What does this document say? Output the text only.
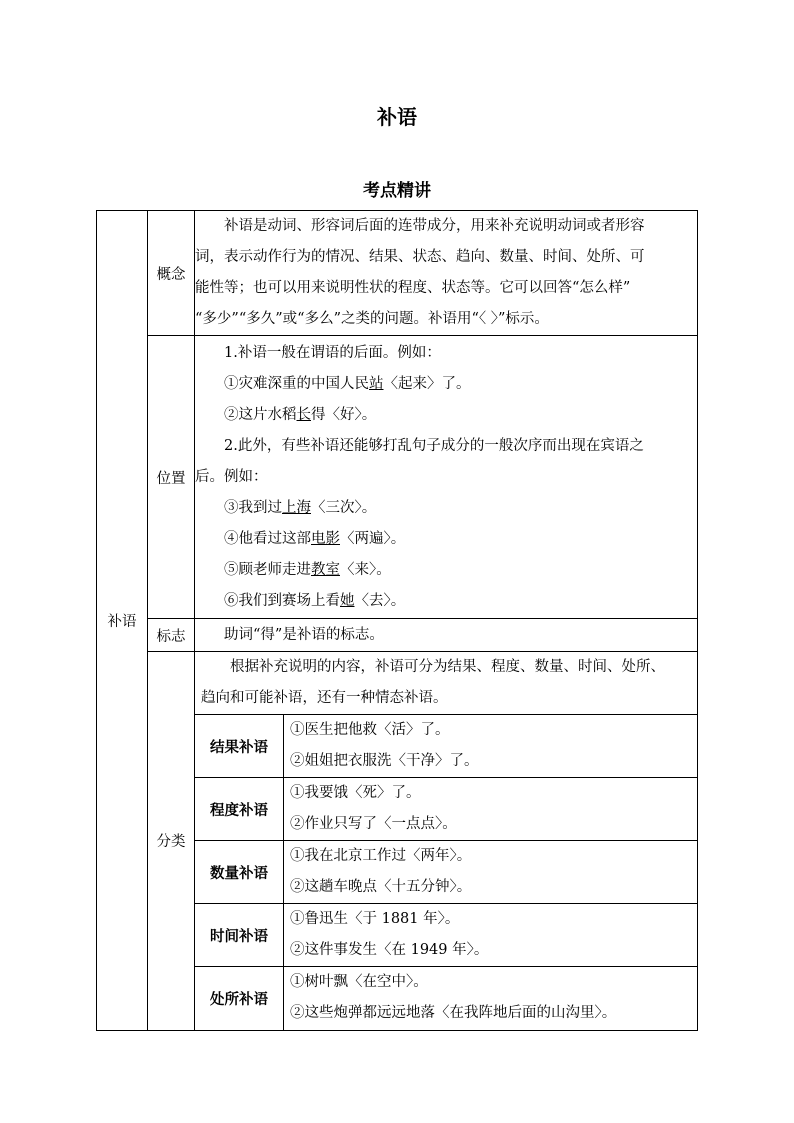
补语
考点精讲
补语	概念	
补语是动词、形容词后面的连带成分，用来补充说明动词或者形容
词，表示动作行为的情况、结果、状态、趋向、数量、时间、处所、可
能性等；也可以用来说明性状的程度、状态等。它可以回答“怎么样”
“多少”“多久”或“多么”之类的问题。补语用“〈 〉”标示。

位置	
1.补语一般在谓语的后面。例如：
①灾难深重的中国人民站〈起来〉了。
②这片水稻长得〈好〉。
2.此外，有些补语还能够打乱句子成分的一般次序而出现在宾语之
后。例如：
③我到过上海〈三次〉。
④他看过这部电影〈两遍〉。
⑤顾老师走进教室〈来〉。
⑥我们到赛场上看她〈去〉。

标志	助词“得”是补语的标志。

分类	
根据补充说明的内容，补语可分为结果、程度、数量、时间、处所、
趋向和可能补语，还有一种情态补语。
结果补语	
①医生把他救〈活〉了。
②姐姐把衣服洗〈干净〉了。

程度补语	
①我要饿〈死〉了。
②作业只写了〈一点点〉。

数量补语	
①我在北京工作过〈两年〉。
②这趟车晚点〈十五分钟〉。

时间补语	
①鲁迅生〈于 1881 年〉。
②这件事发生〈在 1949 年〉。

处所补语	
①树叶飘〈在空中〉。
②这些炮弹都远远地落〈在我阵地后面的山沟里〉。
